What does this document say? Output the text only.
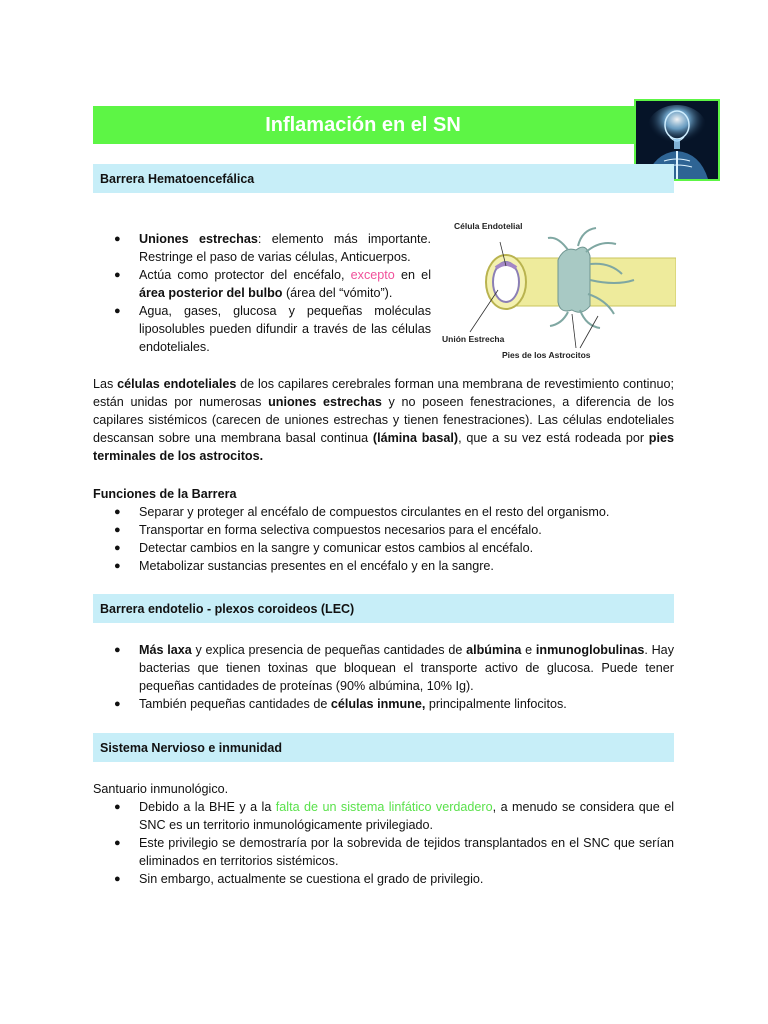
Inflamación en el SN
Barrera Hematoencefálica
Célula Endotelial
Unión Estrecha
Pies de los Astrocitos
● Uniones estrechas: elemento más importante. Restringe el paso de varias células, Anticuerpos.
● Actúa como protector del encéfalo, excepto en el área posterior del bulbo (área del “vómito”).
● Agua, gases, glucosa y pequeñas moléculas liposolubles pueden difundir a través de las células endoteliales.
Las células endoteliales de los capilares cerebrales forman una membrana de revestimiento continuo; están unidas por numerosas uniones estrechas y no poseen fenestraciones, a diferencia de los capilares sistémicos (carecen de uniones estrechas y tienen fenestraciones). Las células endoteliales descansan sobre una membrana basal continua (lámina basal), que a su vez está rodeada por pies terminales de los astrocitos.
Funciones de la Barrera
● Separar y proteger al encéfalo de compuestos circulantes en el resto del organismo.
● Transportar en forma selectiva compuestos necesarios para el encéfalo.
● Detectar cambios en la sangre y comunicar estos cambios al encéfalo.
● Metabolizar sustancias presentes en el encéfalo y en la sangre.
Barrera endotelio - plexos coroideos (LEC)
● Más laxa y explica presencia de pequeñas cantidades de albúmina e inmunoglobulinas. Hay bacterias que tienen toxinas que bloquean el transporte activo de glucosa. Puede tener pequeñas cantidades de proteínas (90% albúmina, 10% Ig).
● También pequeñas cantidades de células inmune, principalmente linfocitos.
Sistema Nervioso e inmunidad
Santuario inmunológico.
● Debido a la BHE y a la falta de un sistema linfático verdadero, a menudo se considera que el SNC es un territorio inmunológicamente privilegiado.
● Este privilegio se demostraría por la sobrevida de tejidos transplantados en el SNC que serían eliminados en territorios sistémicos.
● Sin embargo, actualmente se cuestiona el grado de privilegio.
